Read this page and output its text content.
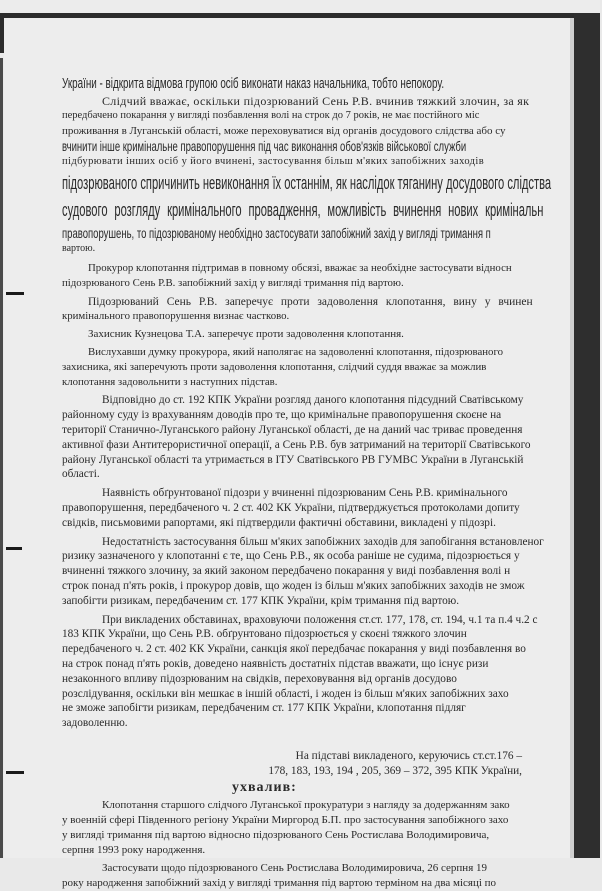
України - відкрита відмова групою осіб виконати наказ начальника, тобто непокору.

Слідчий вважає, оскільки підозрюваний Сень Р.В. вчинив тяжкий злочин, за як

передбачено покарання у вигляді позбавлення волі на строк до 7 років, не має постійного міс

проживання в Луганській області, може переховуватися від органів досудового слідства або су

вчинити інше кримінальне правопорушення під час виконання обов'язків військової служби

підбурювати інших осіб у його вчинені, застосування більш м'яких запобіжних заходів

підозрюваного спричинить невиконання їх останнім, як наслідок тяганину досудового слідства

судового розгляду кримінального провадження, можливість вчинення нових кримінальн

правопорушень, то підозрюваному необхідно застосувати запобіжний захід у вигляді тримання п

вартою.

Прокурор клопотання підтримав в повному обсязі, вважає за необхідне застосувати відносн

підозрюваного Сень Р.В. запобіжний захід у вигляді тримання під вартою.

Підозрюваний Сень Р.В. заперечує проти задоволення клопотання, вину у вчинен

кримінального правопорушення визнає частково.

Захисник Кузнецова Т.А. заперечує проти задоволення клопотання.

Вислухавши думку прокурора, який наполягає на задоволенні клопотання, підозрюваного

захисника, які заперечують проти задоволення клопотання, слідчий суддя вважає за можлив

клопотання задовольнити з наступних підстав.

Відповідно до ст. 192 КПК України розгляд даного клопотання підсудний Сватівському

районному суду із врахуванням доводів про те, що кримінальне правопорушення скоєне на

території Станично-Луганського району Луганської області, де на даний час триває проведення

активної фази Антитерористичної операції, а Сень Р.В. був затриманий на території Сватівського

району Луганської області та утримається в ІТУ Сватівського РВ ГУМВС України в Луганській

області.

Наявність обґрунтованої підозри у вчиненні підозрюваним Сень Р.В. кримінального

правопорушення, передбаченого ч. 2 ст. 402 КК України, підтверджується протоколами допиту

свідків, письмовими рапортами, які підтвердили фактичні обставини, викладені у підозрі.

Недостатність застосування більш м'яких запобіжних заходів для запобігання встановленог

ризику зазначеного у клопотанні є те, що Сень Р.В., як особа раніше не судима, підозрюється у

вчиненні тяжкого злочину, за який законом передбачено покарання у виді позбавлення волі н

строк понад п'ять років, і прокурор довів, що жоден із більш м'яких запобіжних заходів не змож

запобігти ризикам, передбаченим ст. 177 КПК України, крім тримання під вартою.

При викладених обставинах, враховуючи положення ст.ст. 177, 178, ст. 194, ч.1 та п.4 ч.2 с

183 КПК України, що Сень Р.В. обґрунтовано підозрюється у скоєні тяжкого злочин

передбаченого ч. 2 ст. 402 КК України, санкція якої передбачає покарання у виді позбавлення во

на строк понад п'ять років, доведено наявність достатніх підстав вважати, що існує ризи

незаконного впливу підозрюваним на свідків, переховування від органів досудово

розслідування, оскільки він мешкає в іншій області, і жоден із більш м'яких запобіжних захо

не зможе запобігти ризикам, передбаченим ст. 177 КПК України, клопотання підляг

задоволенню.

На підставі викладеного, керуючись ст.ст.176 –

178, 183, 193, 194 , 205, 369 – 372, 395 КПК України,

ухвалив:

Клопотання старшого слідчого Луганської прокуратури з нагляду за додержанням зако

у военній сфері Південного регіону України Миргород Б.П. про застосування запобіжного захо

у вигляді тримання під вартою відносно підозрюваного Сень Ростислава Володимировича,

серпня 1993 року народження.

Застосувати щодо підозрюваного Сень Ростислава Володимировича, 26 серпня 19

року народження запобіжний захід у вигляді тримання під вартою терміном на два місяці по
